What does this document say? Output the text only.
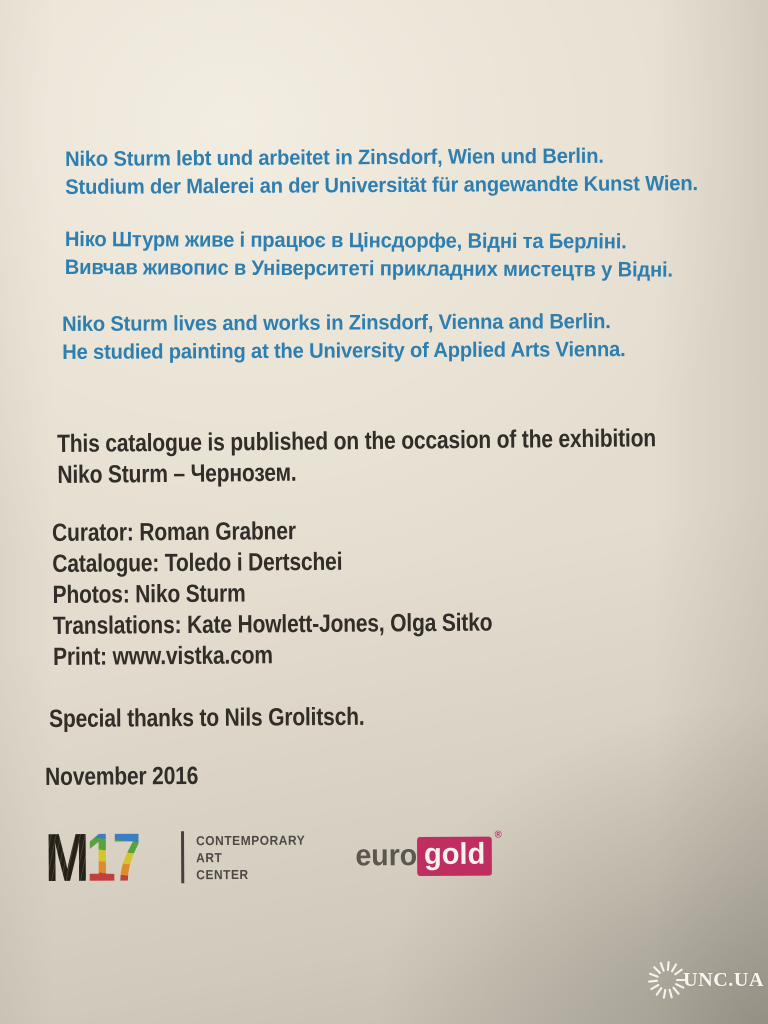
Niko Sturm lebt und arbeitet in Zinsdorf, Wien und Berlin.
Studium der Malerei an der Universität für angewandte Kunst Wien.
Ніко Штурм живе і працює в Цінсдорфе, Відні та Берліні.
Вивчав живопис в Університеті прикладних мистецтв у Відні.
Niko Sturm lives and works in Zinsdorf, Vienna and Berlin.
He studied painting at the University of Applied Arts Vienna.
This catalogue is published on the occasion of the exhibition
Niko Sturm – Чернозем.
Curator: Roman Grabner
Catalogue: Toledo i Dertschei
Photos: Niko Sturm
Translations: Kate Howlett-Jones, Olga Sitko
Print: www.vistka.com
Special thanks to Nils Grolitsch.
November 2016
M17	CONTEMPORARY
ART
CENTER
euro gold
®
UNC.UA
